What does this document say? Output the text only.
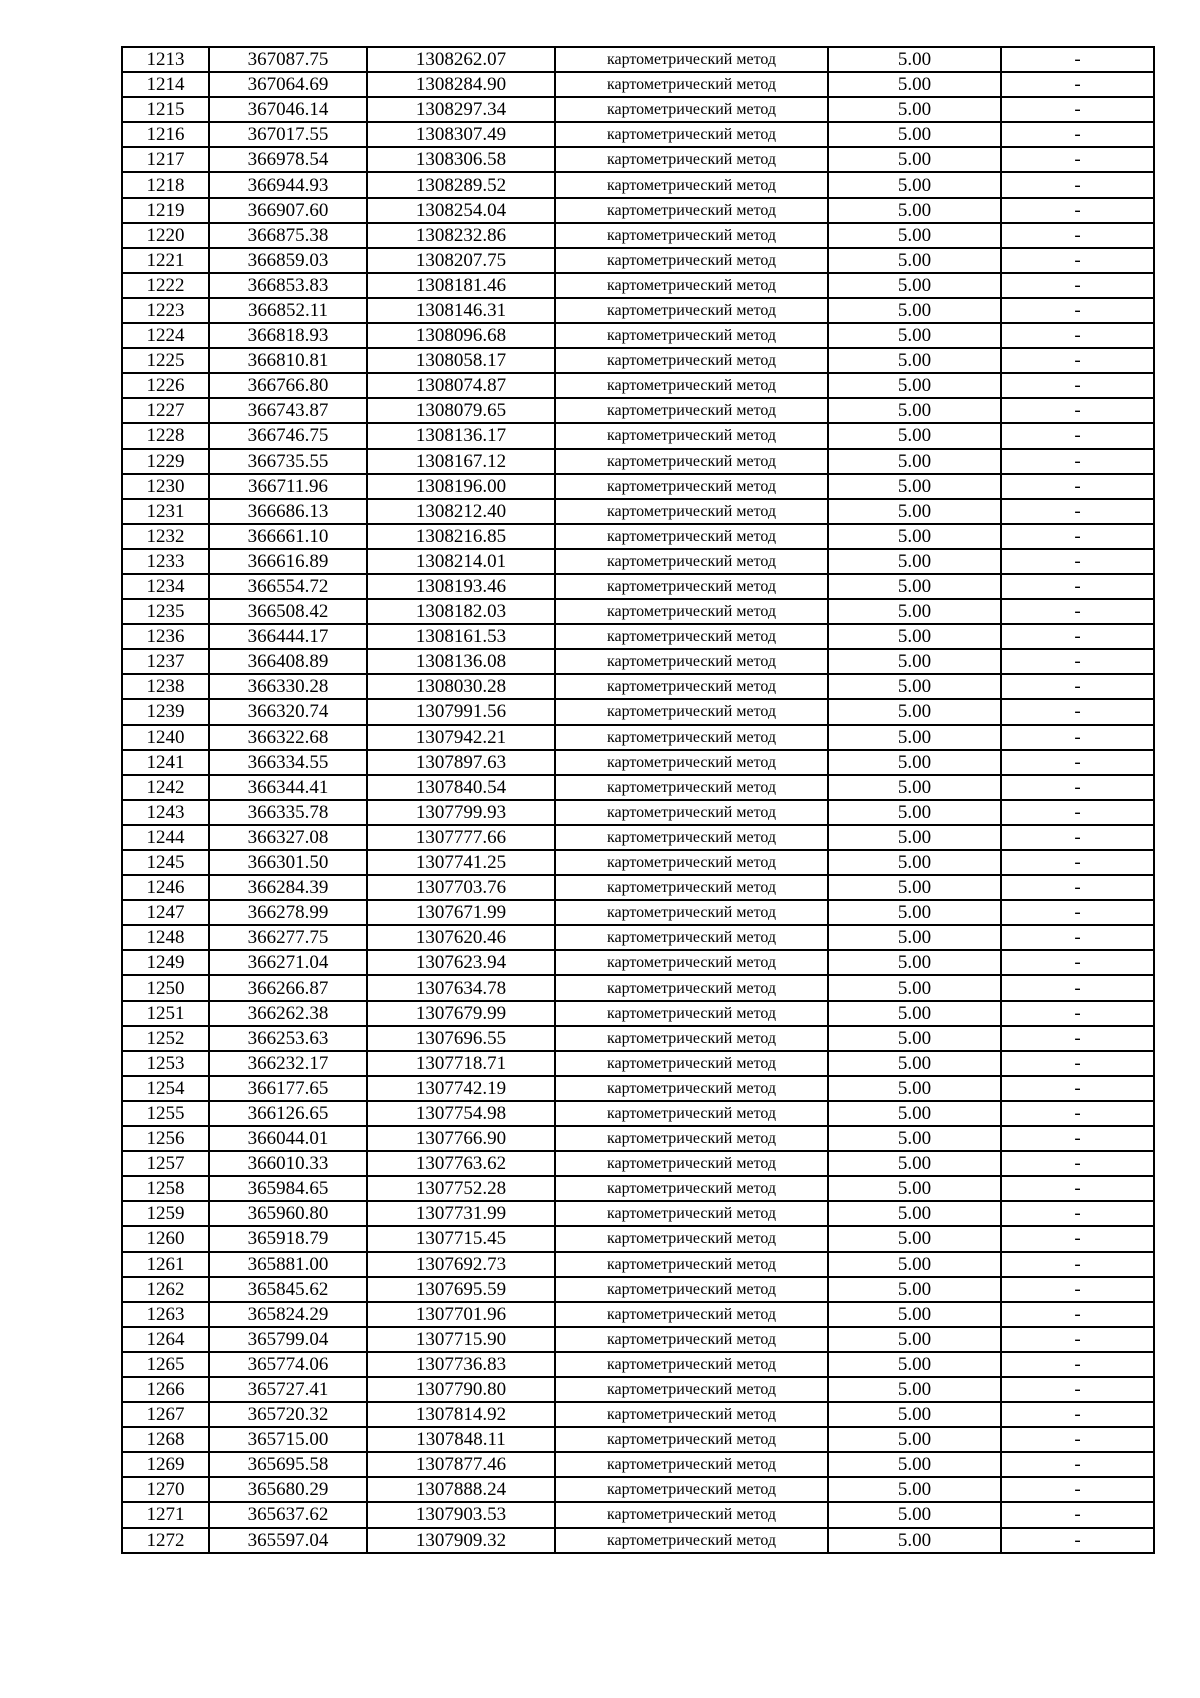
1213	367087.75	1308262.07	картометрический метод	5.00	-
1214	367064.69	1308284.90	картометрический метод	5.00	-
1215	367046.14	1308297.34	картометрический метод	5.00	-
1216	367017.55	1308307.49	картометрический метод	5.00	-
1217	366978.54	1308306.58	картометрический метод	5.00	-
1218	366944.93	1308289.52	картометрический метод	5.00	-
1219	366907.60	1308254.04	картометрический метод	5.00	-
1220	366875.38	1308232.86	картометрический метод	5.00	-
1221	366859.03	1308207.75	картометрический метод	5.00	-
1222	366853.83	1308181.46	картометрический метод	5.00	-
1223	366852.11	1308146.31	картометрический метод	5.00	-
1224	366818.93	1308096.68	картометрический метод	5.00	-
1225	366810.81	1308058.17	картометрический метод	5.00	-
1226	366766.80	1308074.87	картометрический метод	5.00	-
1227	366743.87	1308079.65	картометрический метод	5.00	-
1228	366746.75	1308136.17	картометрический метод	5.00	-
1229	366735.55	1308167.12	картометрический метод	5.00	-
1230	366711.96	1308196.00	картометрический метод	5.00	-
1231	366686.13	1308212.40	картометрический метод	5.00	-
1232	366661.10	1308216.85	картометрический метод	5.00	-
1233	366616.89	1308214.01	картометрический метод	5.00	-
1234	366554.72	1308193.46	картометрический метод	5.00	-
1235	366508.42	1308182.03	картометрический метод	5.00	-
1236	366444.17	1308161.53	картометрический метод	5.00	-
1237	366408.89	1308136.08	картометрический метод	5.00	-
1238	366330.28	1308030.28	картометрический метод	5.00	-
1239	366320.74	1307991.56	картометрический метод	5.00	-
1240	366322.68	1307942.21	картометрический метод	5.00	-
1241	366334.55	1307897.63	картометрический метод	5.00	-
1242	366344.41	1307840.54	картометрический метод	5.00	-
1243	366335.78	1307799.93	картометрический метод	5.00	-
1244	366327.08	1307777.66	картометрический метод	5.00	-
1245	366301.50	1307741.25	картометрический метод	5.00	-
1246	366284.39	1307703.76	картометрический метод	5.00	-
1247	366278.99	1307671.99	картометрический метод	5.00	-
1248	366277.75	1307620.46	картометрический метод	5.00	-
1249	366271.04	1307623.94	картометрический метод	5.00	-
1250	366266.87	1307634.78	картометрический метод	5.00	-
1251	366262.38	1307679.99	картометрический метод	5.00	-
1252	366253.63	1307696.55	картометрический метод	5.00	-
1253	366232.17	1307718.71	картометрический метод	5.00	-
1254	366177.65	1307742.19	картометрический метод	5.00	-
1255	366126.65	1307754.98	картометрический метод	5.00	-
1256	366044.01	1307766.90	картометрический метод	5.00	-
1257	366010.33	1307763.62	картометрический метод	5.00	-
1258	365984.65	1307752.28	картометрический метод	5.00	-
1259	365960.80	1307731.99	картометрический метод	5.00	-
1260	365918.79	1307715.45	картометрический метод	5.00	-
1261	365881.00	1307692.73	картометрический метод	5.00	-
1262	365845.62	1307695.59	картометрический метод	5.00	-
1263	365824.29	1307701.96	картометрический метод	5.00	-
1264	365799.04	1307715.90	картометрический метод	5.00	-
1265	365774.06	1307736.83	картометрический метод	5.00	-
1266	365727.41	1307790.80	картометрический метод	5.00	-
1267	365720.32	1307814.92	картометрический метод	5.00	-
1268	365715.00	1307848.11	картометрический метод	5.00	-
1269	365695.58	1307877.46	картометрический метод	5.00	-
1270	365680.29	1307888.24	картометрический метод	5.00	-
1271	365637.62	1307903.53	картометрический метод	5.00	-
1272	365597.04	1307909.32	картометрический метод	5.00	-
